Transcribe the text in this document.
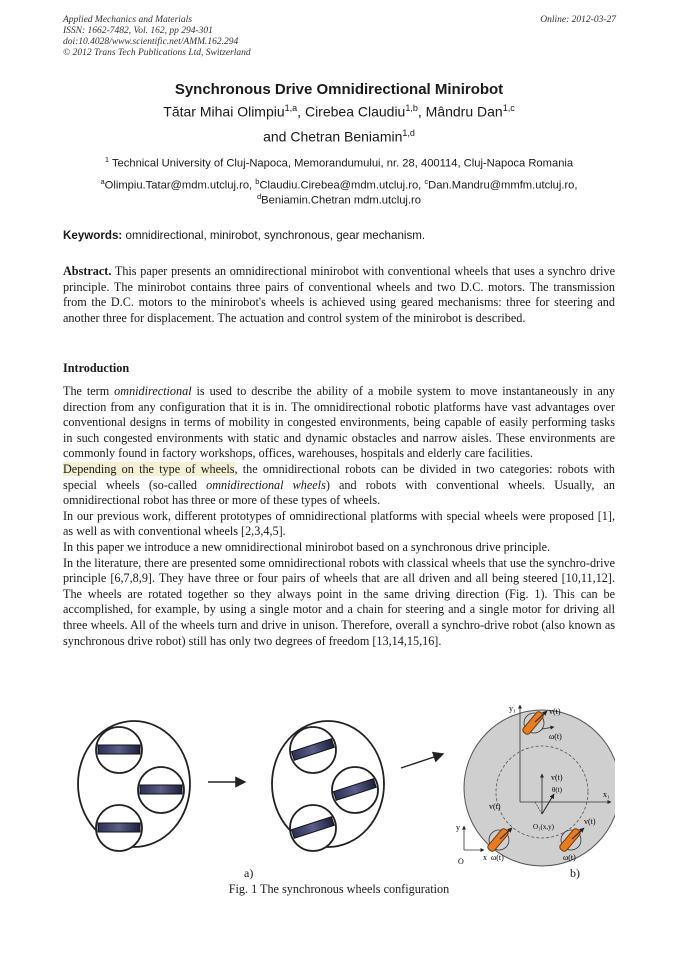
Applied Mechanics and Materials
ISSN: 1662-7482, Vol. 162, pp 294-301
doi:10.4028/www.scientific.net/AMM.162.294
© 2012 Trans Tech Publications Ltd, Switzerland
Online: 2012-03-27
Synchronous Drive Omnidirectional Minirobot
Tătar Mihai Olimpiu$^{1,a}$, Cirebea Claudiu$^{1,b}$, Mândru Dan$^{1,c}$
and Chetran Beniamin$^{1,d}$
$^1$ Technical University of Cluj-Napoca, Memorandumului, nr. 28, 400114, Cluj-Napoca Romania
$^a$Olimpiu.Tatar@mdm.utcluj.ro, $^b$Claudiu.Cirebea@mdm.utcluj.ro, $^c$Dan.Mandru@mmfm.utcluj.ro,
$^d$Beniamin.Chetran mdm.utcluj.ro
Keywords: omnidirectional, minirobot, synchronous, gear mechanism.
Abstract. This paper presents an omnidirectional minirobot with conventional wheels that uses a synchro drive principle. The minirobot contains three pairs of conventional wheels and two D.C. motors. The transmission from the D.C. motors to the minirobot's wheels is achieved using geared mechanisms: three for steering and another three for displacement. The actuation and control system of the minirobot is described.
Introduction
The term omnidirectional is used to describe the ability of a mobile system to move instantaneously in any direction from any configuration that it is in. The omnidirectional robotic platforms have vast advantages over conventional designs in terms of mobility in congested environments, being capable of easily performing tasks in such congested environments with static and dynamic obstacles and narrow aisles. These environments are commonly found in factory workshops, offices, warehouses, hospitals and elderly care facilities.
Depending on the type of wheels, the omnidirectional robots can be divided in two categories: robots with special wheels (so-called omnidirectional wheels) and robots with conventional wheels. Usually, an omnidirectional robot has three or more of these types of wheels.
In our previous work, different prototypes of omnidirectional platforms with special wheels were proposed [1], as well as with conventional wheels [2,3,4,5].
In this paper we introduce a new omnidirectional minirobot based on a synchronous drive principle.
In the literature, there are presented some omnidirectional robots with classical wheels that use the synchro-drive principle [6,7,8,9]. They have three or four pairs of wheels that are all driven and all being steered [10,11,12]. The wheels are rotated together so they always point in the same driving direction (Fig. 1). This can be accomplished, for example, by using a single motor and a chain for steering and a single motor for driving all three wheels. All of the wheels turn and drive in unison. Therefore, overall a synchro-drive robot (also known as synchronous drive robot) still has only two degrees of freedom [13,14,15,16].
y₁
x₁
v(t)
ω(t)
v(t)
θ(t)
O₁(x,y)
v(t)
ω(t)
v(t)
ω(t)
y
O x
a)	b)
Fig. 1 The synchronous wheels configuration
